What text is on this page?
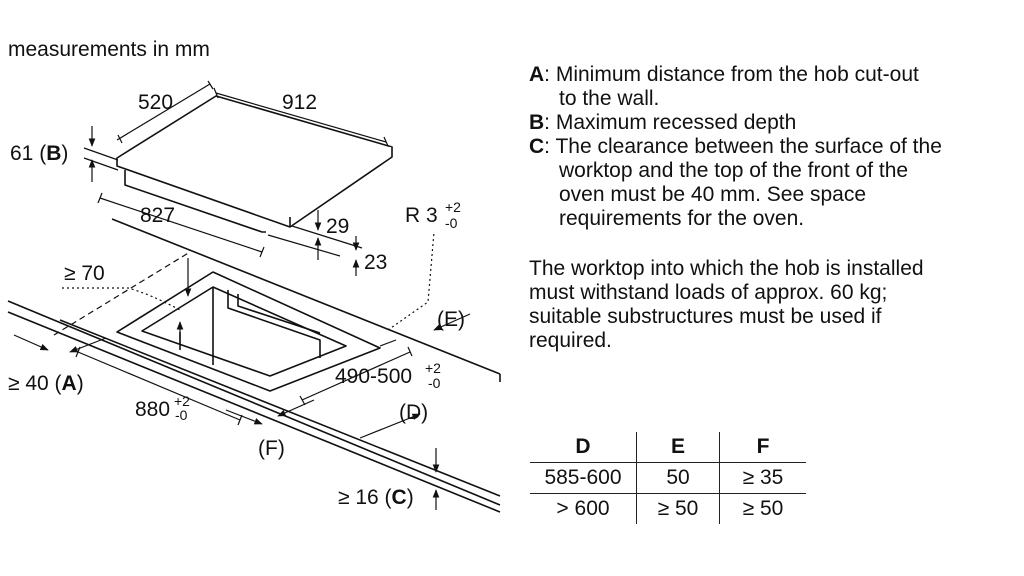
measurements in mm
520	912
61 (B)
827	29
23
R 3 +2
-0
≥ 70
≥ 40 (A)
880 +2
-0
490-500 +2
-0
(E)
(D)
(F)
≥ 16 (C)
A: Minimum distance from the hob cut-out
to the wall.
B: Maximum recessed depth
C: The clearance between the surface of the
worktop and the top of the front of the
oven must be 40 mm. See space
requirements for the oven.
The worktop into which the hob is installed
must withstand loads of approx. 60 kg;
suitable substructures must be used if
required.
D	E	F
585-600	50	≥ 35
> 600	≥ 50	≥ 50
